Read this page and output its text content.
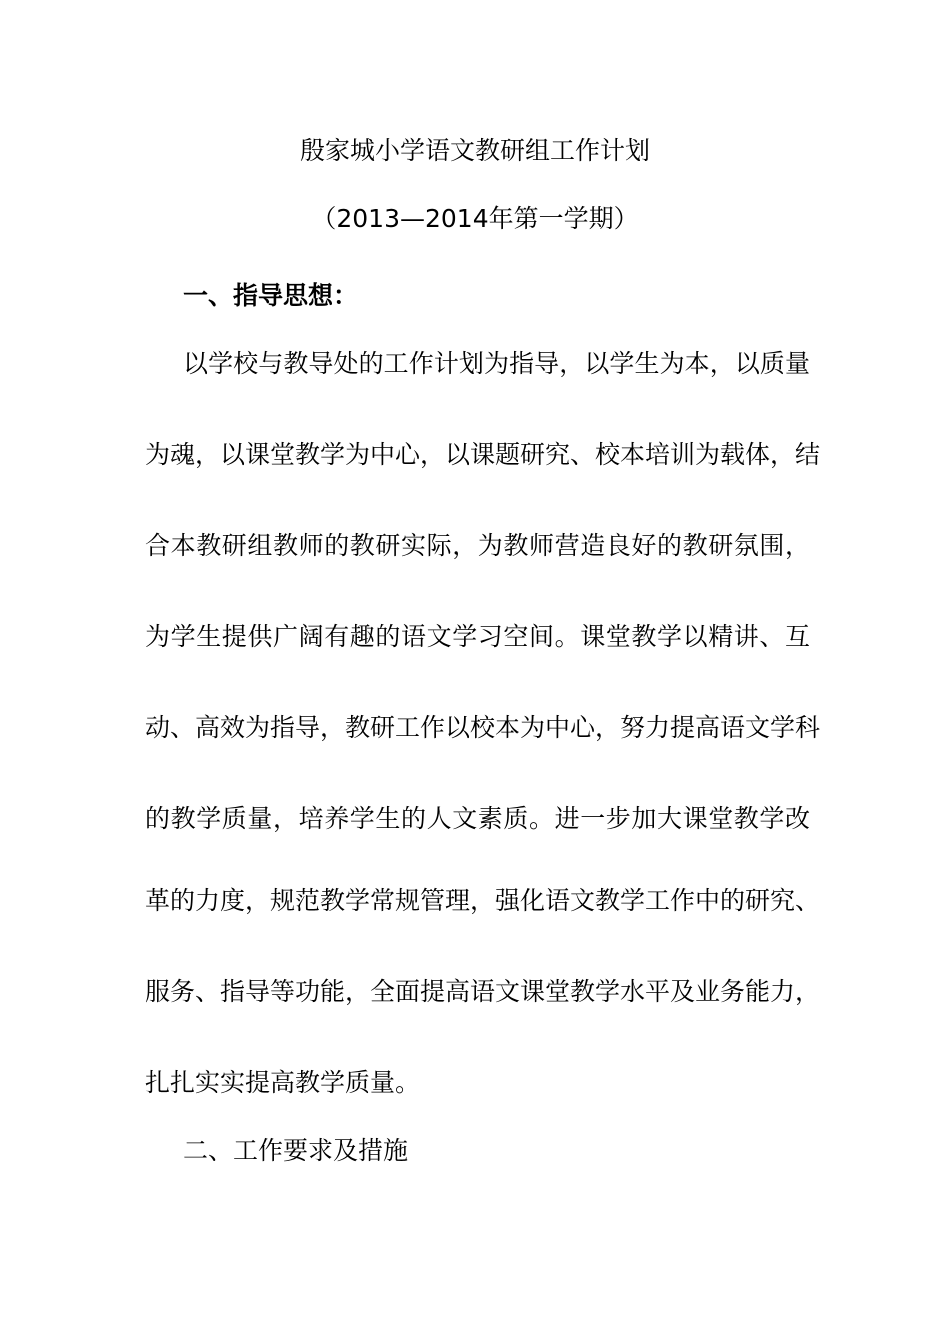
殷家城小学语文教研组工作计划
（2013—2014年第一学期）
一、指导思想：
以学校与教导处的工作计划为指导，以学生为本，以质量
为魂，以课堂教学为中心，以课题研究、校本培训为载体，结
合本教研组教师的教研实际，为教师营造良好的教研氛围，
为学生提供广阔有趣的语文学习空间。课堂教学以精讲、互
动、高效为指导，教研工作以校本为中心，努力提高语文学科
的教学质量，培养学生的人文素质。进一步加大课堂教学改
革的力度，规范教学常规管理，强化语文教学工作中的研究、
服务、指导等功能，全面提高语文课堂教学水平及业务能力，
扎扎实实提高教学质量。
二、工作要求及措施
